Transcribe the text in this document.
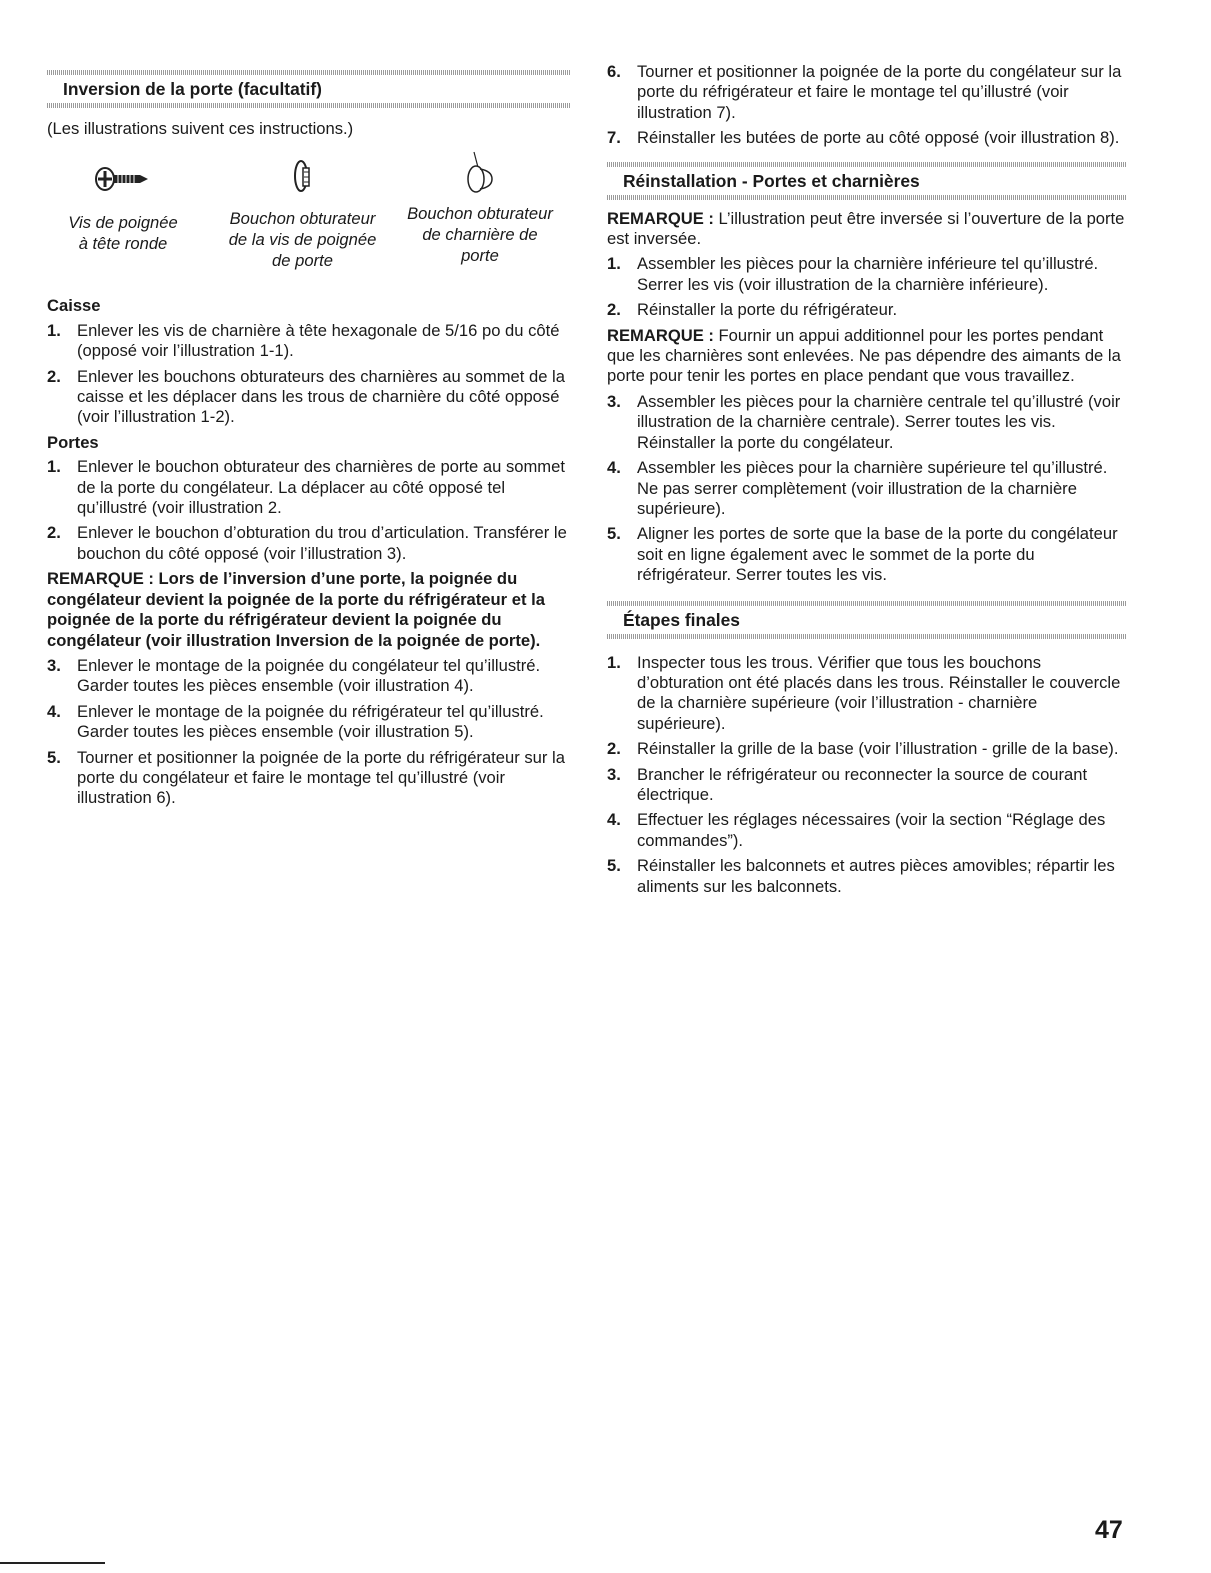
Inversion de la porte (facultatif)
(Les illustrations suivent ces instructions.)
Vis de poignée
à tête ronde
Bouchon obturateur
de la vis de poignée
de porte
Bouchon obturateur
de charnière de
porte
Caisse
1. Enlever les vis de charnière à tête hexagonale de 5/16 po du côté (opposé voir l’illustration 1-1).
2. Enlever les bouchons obturateurs des charnières au sommet de la caisse et les déplacer dans les trous de charnière du côté opposé (voir l’illustration 1-2).
Portes
1. Enlever le bouchon obturateur des charnières de porte au sommet de la porte du congélateur. La déplacer au côté opposé tel qu’illustré (voir illustration 2.
2. Enlever le bouchon d’obturation du trou d’articulation. Transférer le bouchon du côté opposé (voir l’illustration 3).
REMARQUE : Lors de l’inversion d’une porte, la poignée du congélateur devient la poignée de la porte du réfrigérateur et la poignée de la porte du réfrigérateur devient la poignée du congélateur (voir illustration Inversion de la poignée de porte).
3. Enlever le montage de la poignée du congélateur tel qu’illustré. Garder toutes les pièces ensemble (voir illustration 4).
4. Enlever le montage de la poignée du réfrigérateur tel qu’illustré. Garder toutes les pièces ensemble (voir illustration 5).
5. Tourner et positionner la poignée de la porte du réfrigérateur sur la porte du congélateur et faire le montage tel qu’illustré (voir illustration 6).
6. Tourner et positionner la poignée de la porte du congélateur sur la porte du réfrigérateur et faire le montage tel qu’illustré (voir illustration 7).
7. Réinstaller les butées de porte au côté opposé (voir illustration 8).
Réinstallation - Portes et charnières
REMARQUE : L’illustration peut être inversée si l’ouverture de la porte est inversée.
1. Assembler les pièces pour la charnière inférieure tel qu’illustré. Serrer les vis (voir illustration de la charnière inférieure).
2. Réinstaller la porte du réfrigérateur.
REMARQUE : Fournir un appui additionnel pour les portes pendant que les charnières sont enlevées. Ne pas dépendre des aimants de la porte pour tenir les portes en place pendant que vous travaillez.
3. Assembler les pièces pour la charnière centrale tel qu’illustré (voir illustration de la charnière centrale). Serrer toutes les vis. Réinstaller la porte du congélateur.
4. Assembler les pièces pour la charnière supérieure tel qu’illustré. Ne pas serrer complètement (voir illustration de la charnière supérieure).
5. Aligner les portes de sorte que la base de la porte du congélateur soit en ligne également avec le sommet de la porte du réfrigérateur. Serrer toutes les vis.
Étapes finales
1. Inspecter tous les trous. Vérifier que tous les bouchons d’obturation ont été placés dans les trous. Réinstaller le couvercle de la charnière supérieure (voir l’illustration - charnière supérieure).
2. Réinstaller la grille de la base (voir l’illustration - grille de la base).
3. Brancher le réfrigérateur ou reconnecter la source de courant électrique.
4. Effectuer les réglages nécessaires (voir la section “Réglage des commandes”).
5. Réinstaller les balconnets et autres pièces amovibles; répartir les aliments sur les balconnets.
47
